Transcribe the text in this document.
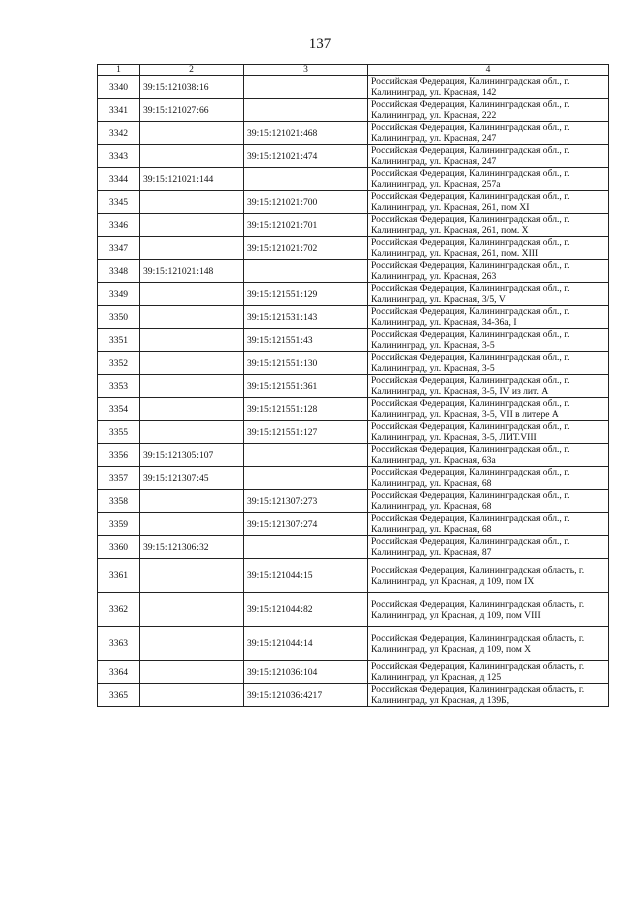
137
1	2	3	4
3340	39:15:121038:16		Российская Федерация, Калининградская обл., г. Калининград, ул. Красная, 142
3341	39:15:121027:66		Российская Федерация, Калининградская обл., г. Калининград, ул. Красная, 222
3342		39:15:121021:468	Российская Федерация, Калининградская обл., г. Калининград, ул. Красная, 247
3343		39:15:121021:474	Российская Федерация, Калининградская обл., г. Калининград, ул. Красная, 247
3344	39:15:121021:144		Российская Федерация, Калининградская обл., г. Калининград, ул. Красная, 257а
3345		39:15:121021:700	Российская Федерация, Калининградская обл., г. Калининград, ул. Красная, 261, пом XI
3346		39:15:121021:701	Российская Федерация, Калининградская обл., г. Калининград, ул. Красная, 261, пом. X
3347		39:15:121021:702	Российская Федерация, Калининградская обл., г. Калининград, ул. Красная, 261, пом. XIII
3348	39:15:121021:148		Российская Федерация, Калининградская обл., г. Калининград, ул. Красная, 263
3349		39:15:121551:129	Российская Федерация, Калининградская обл., г. Калининград, ул. Красная, 3/5, V
3350		39:15:121531:143	Российская Федерация, Калининградская обл., г. Калининград, ул. Красная, 34-36а, I
3351		39:15:121551:43	Российская Федерация, Калининградская обл., г. Калининград, ул. Красная, 3-5
3352		39:15:121551:130	Российская Федерация, Калининградская обл., г. Калининград, ул. Красная, 3-5
3353		39:15:121551:361	Российская Федерация, Калининградская обл., г. Калининград, ул. Красная, 3-5, IV из лит. А
3354		39:15:121551:128	Российская Федерация, Калининградская обл., г. Калининград, ул. Красная, 3-5, VII в литере А
3355		39:15:121551:127	Российская Федерация, Калининградская обл., г. Калининград, ул. Красная, 3-5, ЛИТ.VIII
3356	39:15:121305:107		Российская Федерация, Калининградская обл., г. Калининград, ул. Красная, 63а
3357	39:15:121307:45		Российская Федерация, Калининградская обл., г. Калининград, ул. Красная, 68
3358		39:15:121307:273	Российская Федерация, Калининградская обл., г. Калининград, ул. Красная, 68
3359		39:15:121307:274	Российская Федерация, Калининградская обл., г. Калининград, ул. Красная, 68
3360	39:15:121306:32		Российская Федерация, Калининградская обл., г. Калининград, ул. Красная, 87
3361		39:15:121044:15	Российская Федерация, Калининградская область, г. Калининград, ул Красная, д 109, пом IX
3362		39:15:121044:82	Российская Федерация, Калининградская область, г. Калининград, ул Красная, д 109, пом VIII
3363		39:15:121044:14	Российская Федерация, Калининградская область, г. Калининград, ул Красная, д 109, пом X
3364		39:15:121036:104	Российская Федерация, Калининградская область, г. Калининград, ул Красная, д 125
3365		39:15:121036:4217	Российская Федерация, Калининградская область, г. Калининград, ул Красная, д 139Б,
